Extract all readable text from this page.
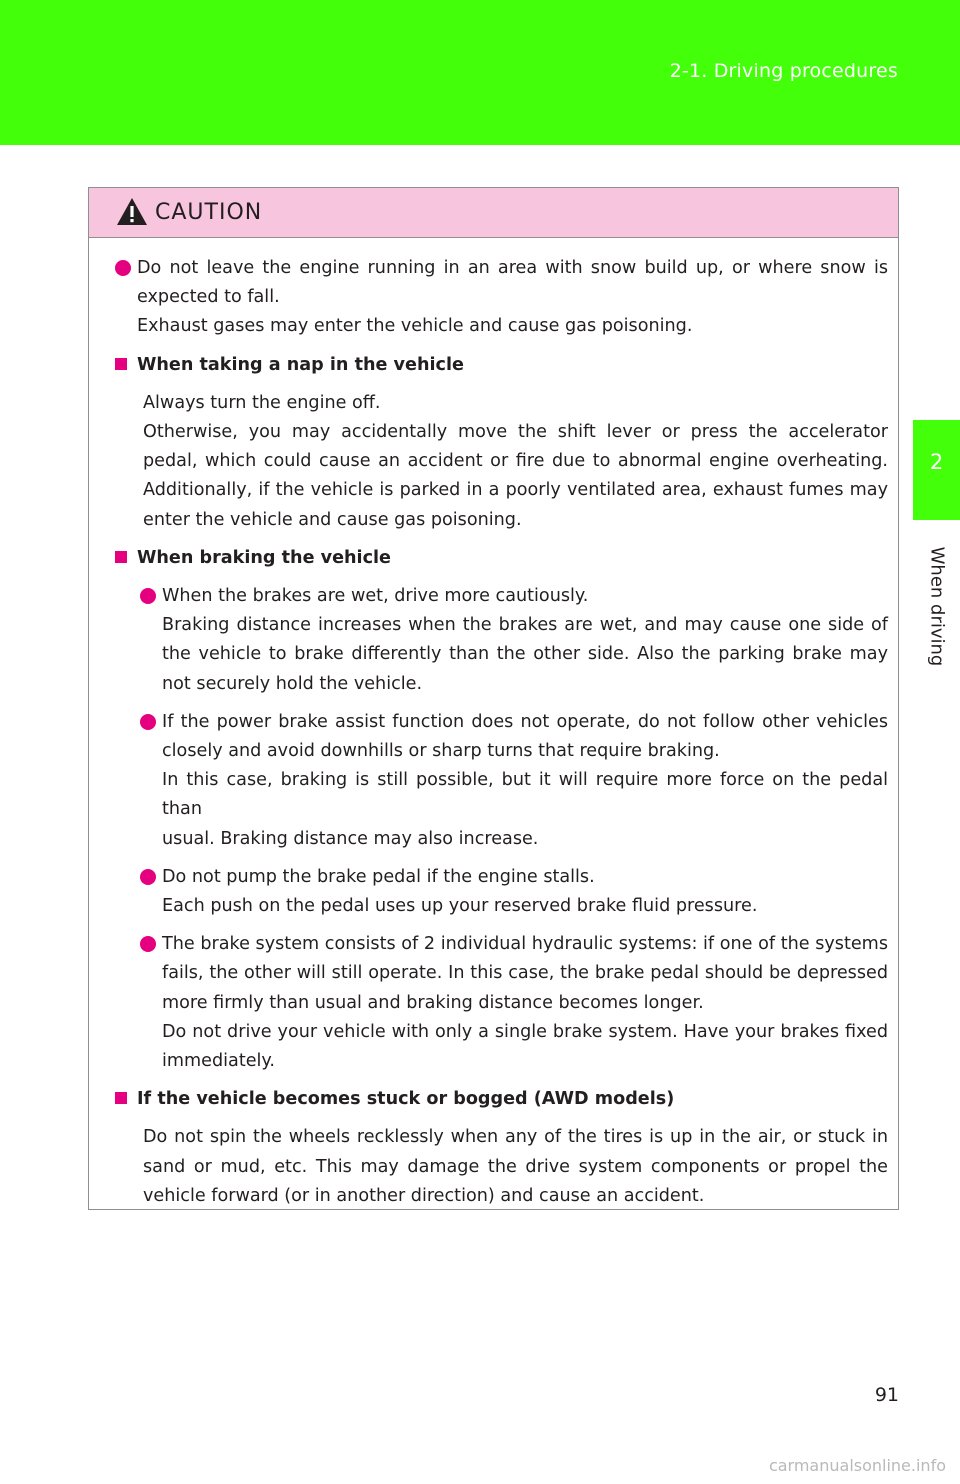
2-1. Driving procedures
2
When driving
CAUTION
Do not leave the engine running in an area with snow build up, or where snow is
expected to fall.
Exhaust gases may enter the vehicle and cause gas poisoning.
When taking a nap in the vehicle
Always turn the engine off.
Otherwise, you may accidentally move the shift lever or press the accelerator
pedal, which could cause an accident or fire due to abnormal engine overheating.
Additionally, if the vehicle is parked in a poorly ventilated area, exhaust fumes may
enter the vehicle and cause gas poisoning.
When braking the vehicle
When the brakes are wet, drive more cautiously.
Braking distance increases when the brakes are wet, and may cause one side of
the vehicle to brake differently than the other side. Also the parking brake may
not securely hold the vehicle.
If the power brake assist function does not operate, do not follow other vehicles
closely and avoid downhills or sharp turns that require braking.
In this case, braking is still possible, but it will require more force on the pedal than
usual. Braking distance may also increase.
Do not pump the brake pedal if the engine stalls.
Each push on the pedal uses up your reserved brake fluid pressure.
The brake system consists of 2 individual hydraulic systems: if one of the systems
fails, the other will still operate. In this case, the brake pedal should be depressed
more firmly than usual and braking distance becomes longer.
Do not drive your vehicle with only a single brake system. Have your brakes fixed
immediately.
If the vehicle becomes stuck or bogged (AWD models)
Do not spin the wheels recklessly when any of the tires is up in the air, or stuck in
sand or mud, etc. This may damage the drive system components or propel the
vehicle forward (or in another direction) and cause an accident.
91
carmanualsonline.info
